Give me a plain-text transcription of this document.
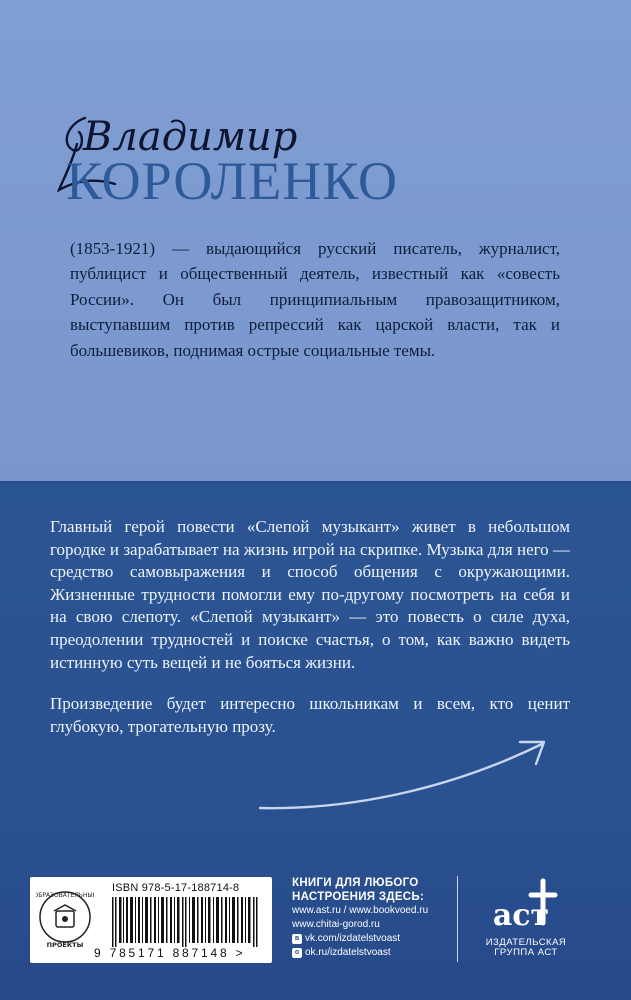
Владимир
КОРОЛЕНКО

(1853-1921) — выдающийся русский писатель, журналист, публицист и общественный деятель, известный как «совесть России». Он был принципиальным правозащитником, выступавшим против репрессий как царской власти, так и большевиков, поднимая острые социальные темы.

Главный герой повести «Слепой музыкант» живет в небольшом городке и зарабатывает на жизнь игрой на скрипке. Музыка для него — средство самовыражения и способ общения с окружающими. Жизненные трудности помогли ему по-другому посмотреть на себя и на свою слепоту. «Слепой музыкант» — это повесть о силе духа, преодолении трудностей и поиске счастья, о том, как важно видеть истинную суть вещей и не бояться жизни.

Произведение будет интересно школьникам и всем, кто ценит глубокую, трогательную прозу.

ОБРАЗОВАТЕЛЬНЫЕ
ПРОЕКТЫ
ISBN 978-5-17-188714-8
9 785171 887148 >
КНИГИ ДЛЯ ЛЮБОГО
НАСТРОЕНИЯ ЗДЕСЬ:
www.ast.ru / www.bookvoed.ru
www.chitai-gorod.ru
в vk.com/izdatelstvoast
о ok.ru/izdatelstvoast
аст
ИЗДАТЕЛЬСКАЯ
ГРУППА АСТ
